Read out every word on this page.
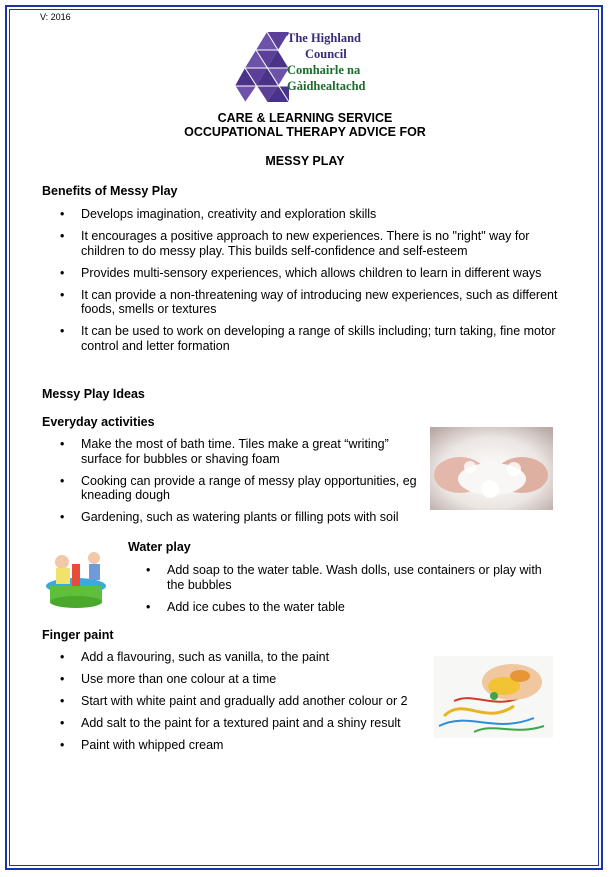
V: 2016
The Highland
Council
Comhairle na
Gàidhealtachd
CARE & LEARNING SERVICE
OCCUPATIONAL THERAPY ADVICE FOR
MESSY PLAY
Benefits of Messy Play
• Develops imagination, creativity and exploration skills
• It encourages a positive approach to new experiences. There is no "right" way for children to do messy play. This builds self-confidence and self-esteem
• Provides multi-sensory experiences, which allows children to learn in different ways
• It can provide a non-threatening way of introducing new experiences, such as different foods, smells or textures
• It can be used to work on developing a range of skills including; turn taking, fine motor control and letter formation
Messy Play Ideas
Everyday activities
• Make the most of bath time. Tiles make a great “writing” surface for bubbles or shaving foam
• Cooking can provide a range of messy play opportunities, eg kneading dough
• Gardening, such as watering plants or filling pots with soil
Water play
• Add soap to the water table. Wash dolls, use containers or play with the bubbles
• Add ice cubes to the water table
Finger paint
• Add a flavouring, such as vanilla, to the paint
• Use more than one colour at a time
• Start with white paint and gradually add another colour or 2
• Add salt to the paint for a textured paint and a shiny result
• Paint with whipped cream
